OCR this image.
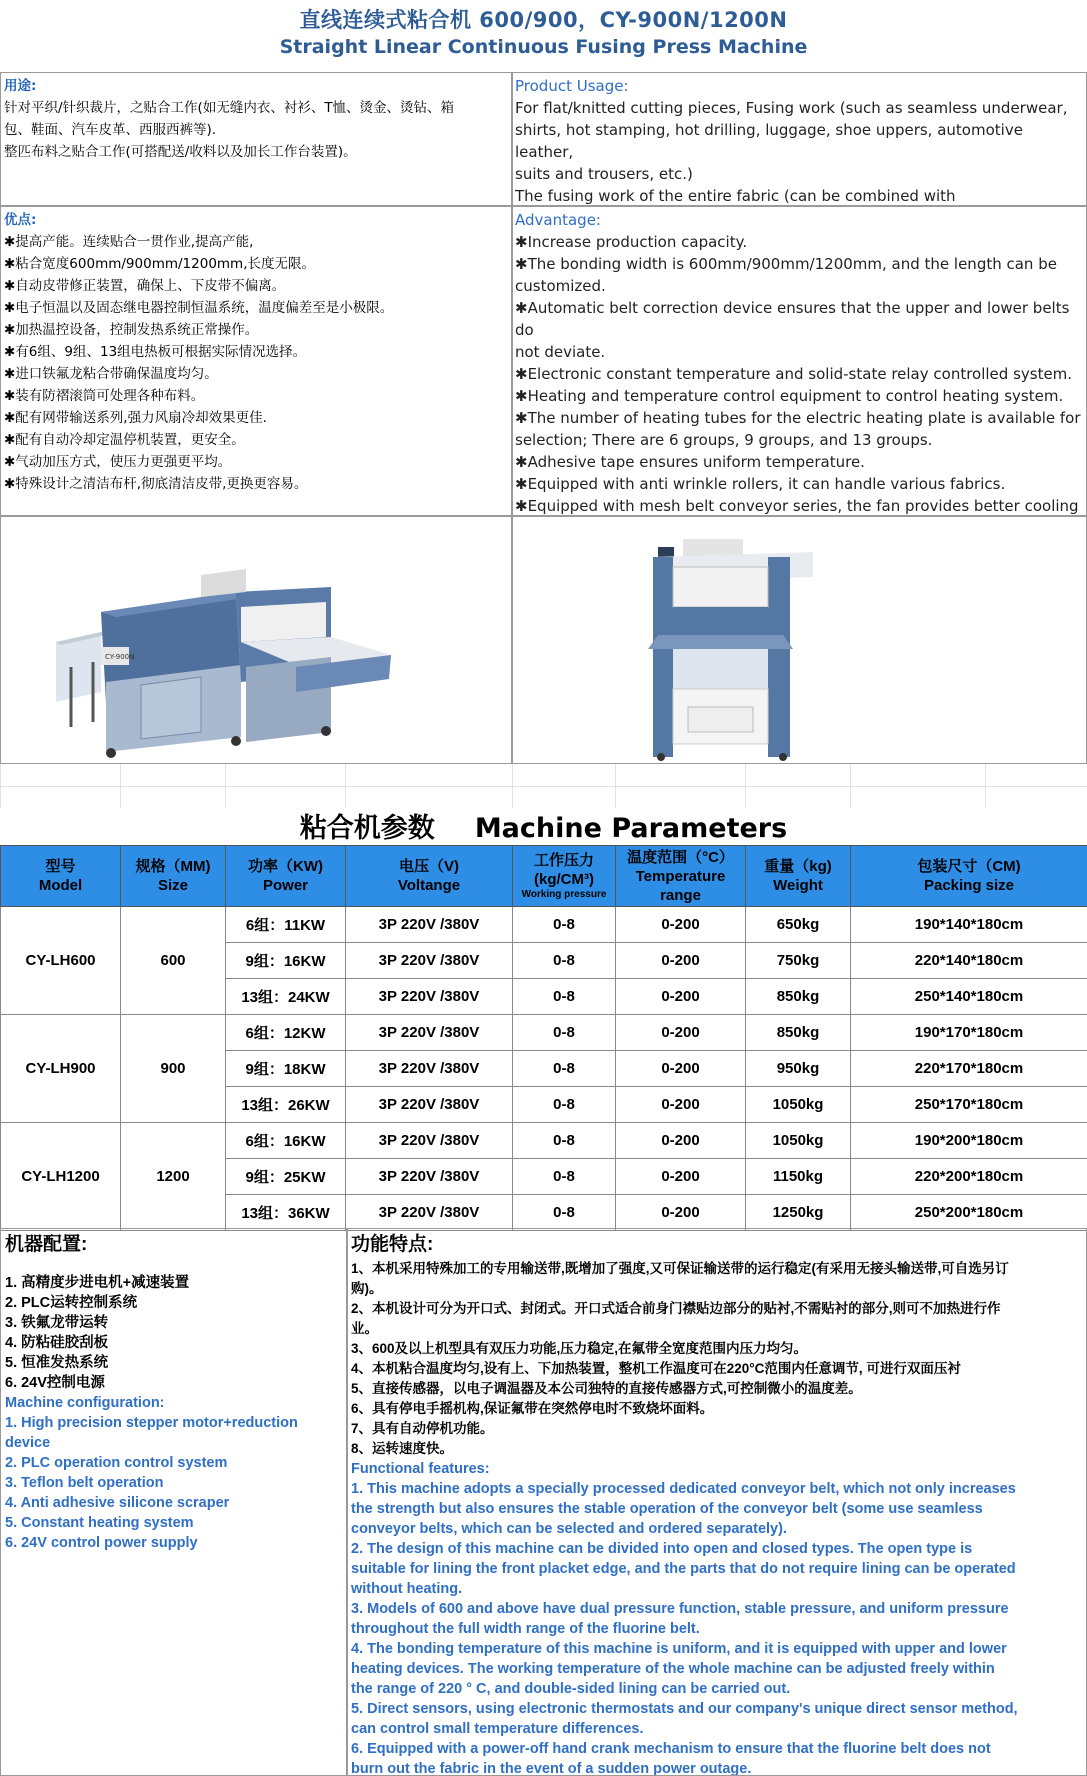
直线连续式粘合机 600/900，CY-900N/1200N
Straight Linear Continuous Fusing Press Machine
用途:
针对平织/针织裁片，之贴合工作(如无缝内衣、衬衫、T恤、烫金、烫钻、箱
包、鞋面、汽车皮革、西服西裤等).
整匹布料之贴合工作(可搭配送/收料以及加长工作台装置)。
Product Usage:
For flat/knitted cutting pieces, Fusing work (such as seamless underwear,
shirts, hot stamping, hot drilling, luggage, shoe uppers, automotive leather,
suits and trousers, etc.)
The fusing work of the entire fabric (can be combined with
优点:
✱提高产能。连续贴合一贯作业,提高产能,
✱粘合宽度600mm/900mm/1200mm,长度无限。
✱自动皮带修正装置，确保上、下皮带不偏离。
✱电子恒温以及固态继电器控制恒温系统，温度偏差至是小极限。
✱加热温控设备，控制发热系统正常操作。
✱有6组、9组、13组电热板可根据实际情况选择。
✱进口铁氟龙粘合带确保温度均匀。
✱装有防褶滚筒可处理各种布料。
✱配有网带输送系列,强力风扇冷却效果更佳.
✱配有自动冷却定温停机装置，更安全。
✱气动加压方式，使压力更强更平均。
✱特殊设计之清洁布杆,彻底清洁皮带,更换更容易。
Advantage:
✱Increase production capacity.
✱The bonding width is 600mm/900mm/1200mm, and the length can be
customized.
✱Automatic belt correction device ensures that the upper and lower belts do
not deviate.
✱Electronic constant temperature and solid-state relay controlled system.
✱Heating and temperature control equipment to control heating system.
✱The number of heating tubes for the electric heating plate is available for
selection; There are 6 groups, 9 groups, and 13 groups.
✱Adhesive tape ensures uniform temperature.
✱Equipped with anti wrinkle rollers, it can handle various fabrics.
✱Equipped with mesh belt conveyor series, the fan provides better cooling
CY-900N
粘合机参数 Machine Parameters
型号
Model	规格（MM)
Size	功率（KW)
Power	电压（V)
Voltange	工作压力
(kg/CM³)
Working pressure	温度范围（°C）
Temperature
range	重量（kg)
Weight	包装尺寸（CM)
Packing size
CY-LH600	600	6组：11KW	3P 220V /380V	0-8	0-200	650kg	190*140*180cm
		9组：16KW	3P 220V /380V	0-8	0-200	750kg	220*140*180cm
		13组：24KW	3P 220V /380V	0-8	0-200	850kg	250*140*180cm
CY-LH900	900	6组：12KW	3P 220V /380V	0-8	0-200	850kg	190*170*180cm
		9组：18KW	3P 220V /380V	0-8	0-200	950kg	220*170*180cm
		13组：26KW	3P 220V /380V	0-8	0-200	1050kg	250*170*180cm
CY-LH1200	1200	6组：16KW	3P 220V /380V	0-8	0-200	1050kg	190*200*180cm
		9组：25KW	3P 220V /380V	0-8	0-200	1150kg	220*200*180cm
		13组：36KW	3P 220V /380V	0-8	0-200	1250kg	250*200*180cm
机器配置:
1. 高精度步进电机+减速装置
2. PLC运转控制系统
3. 铁氟龙带运转
4. 防粘硅胶刮板
5. 恒准发热系统
6. 24V控制电源
Machine configuration:
1. High precision stepper motor+reduction
device
2. PLC operation control system
3. Teflon belt operation
4. Anti adhesive silicone scraper
5. Constant heating system
6. 24V control power supply
功能特点:
1、本机采用特殊加工的专用输送带,既增加了强度,又可保证输送带的运行稳定(有采用无接头输送带,可自选另订
购)。
2、本机设计可分为开口式、封闭式。开口式适合前身门襟贴边部分的贴衬,不需贴衬的部分,则可不加热进行作
业。
3、600及以上机型具有双压力功能,压力稳定,在氟带全宽度范围内压力均匀。
4、本机粘合温度均匀,设有上、下加热装置，整机工作温度可在220°C范围内任意调节, 可进行双面压衬
5、直接传感器，以电子调温器及本公司独特的直接传感器方式,可控制微小的温度差。
6、具有停电手摇机构,保证氟带在突然停电时不致烧坏面料。
7、具有自动停机功能。
8、运转速度快。
Functional features:
1. This machine adopts a specially processed dedicated conveyor belt, which not only increases
the strength but also ensures the stable operation of the conveyor belt (some use seamless
conveyor belts, which can be selected and ordered separately).
2. The design of this machine can be divided into open and closed types. The open type is
suitable for lining the front placket edge, and the parts that do not require lining can be operated
without heating.
3. Models of 600 and above have dual pressure function, stable pressure, and uniform pressure
throughout the full width range of the fluorine belt.
4. The bonding temperature of this machine is uniform, and it is equipped with upper and lower
heating devices. The working temperature of the whole machine can be adjusted freely within
the range of 220 ° C, and double-sided lining can be carried out.
5. Direct sensors, using electronic thermostats and our company's unique direct sensor method,
can control small temperature differences.
6. Equipped with a power-off hand crank mechanism to ensure that the fluorine belt does not
burn out the fabric in the event of a sudden power outage.
